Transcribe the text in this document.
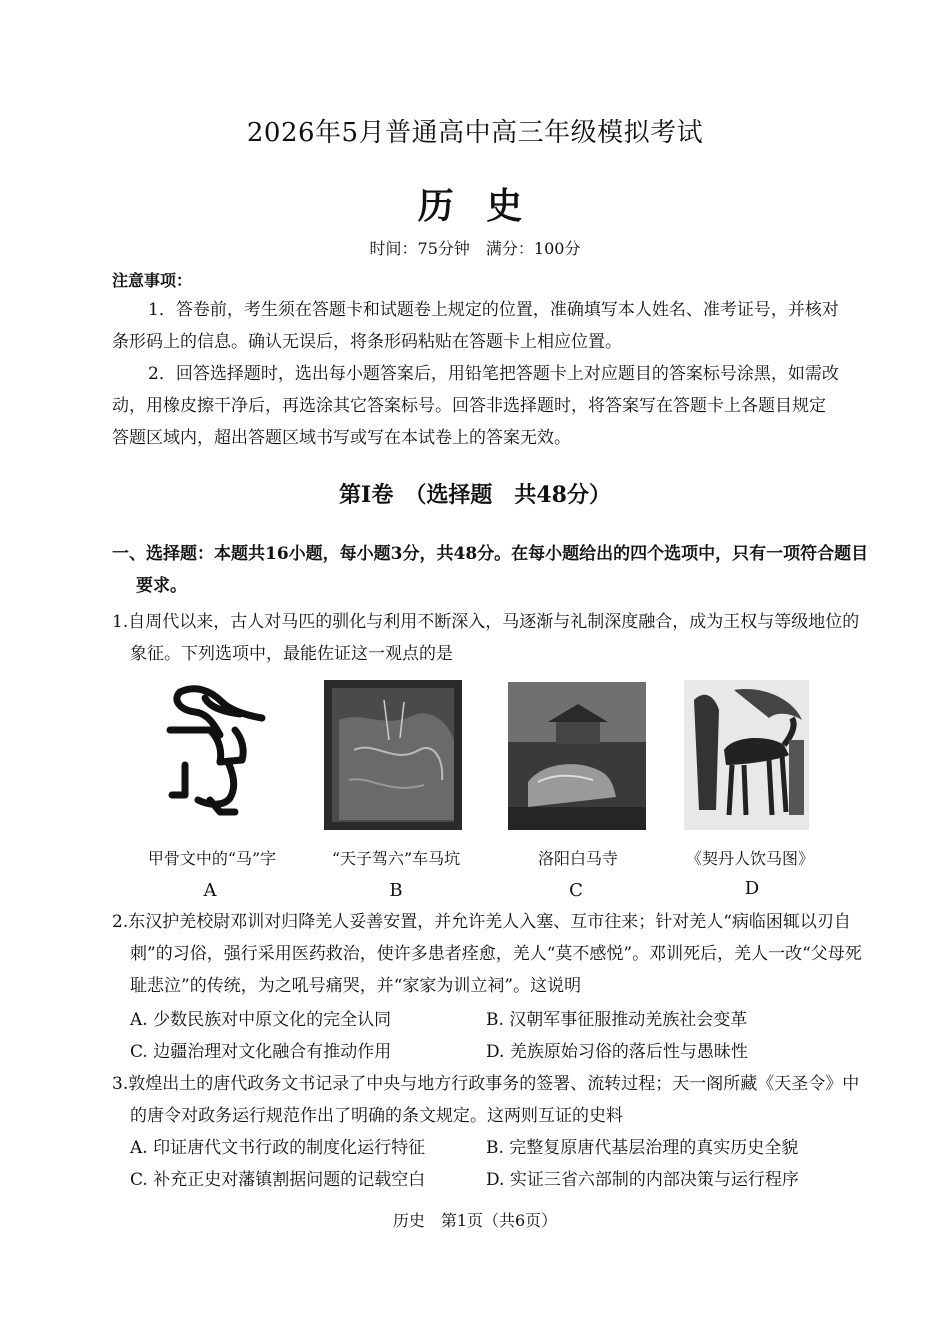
2026年5月普通高中高三年级模拟考试
历 史
时间：75分钟　满分：100分
注意事项：

1．答卷前，考生须在答题卡和试题卷上规定的位置，准确填写本人姓名、准考证号，并核对条形码上的信息。确认无误后，将条形码粘贴在答题卡上相应位置。

2．回答选择题时，选出每小题答案后，用铅笔把答题卡上对应题目的答案标号涂黑，如需改动，用橡皮擦干净后，再选涂其它答案标号。回答非选择题时，将答案写在答题卡上各题目规定答题区域内，超出答题区域书写或写在本试卷上的答案无效。

第Ⅰ卷　（选择题　共48分）

一、选择题：本题共16小题，每小题3分，共48分。在每小题给出的四个选项中，只有一项符合题目要求。

1.自周代以来，古人对马匹的驯化与利用不断深入，马逐渐与礼制深度融合，成为王权与等级地位的象征。下列选项中，最能佐证这一观点的是

甲骨文中的“马”字	“天子驾六”车马坑	洛阳白马寺	《契丹人饮马图》
A	B	C	D

2.东汉护羌校尉邓训对归降羌人妥善安置，并允许羌人入塞、互市往来；针对羌人“病临困辄以刃自刺”的习俗，强行采用医药救治，使许多患者痊愈，羌人“莫不感悦”。邓训死后，羌人一改“父母死耻悲泣”的传统，为之吼号痛哭，并“家家为训立祠”。这说明

A. 少数民族对中原文化的完全认同	B. 汉朝军事征服推动羌族社会变革
C. 边疆治理对文化融合有推动作用	D. 羌族原始习俗的落后性与愚昧性

3.敦煌出土的唐代政务文书记录了中央与地方行政事务的签署、流转过程；天一阁所藏《天圣令》中的唐令对政务运行规范作出了明确的条文规定。这两则互证的史料

A. 印证唐代文书行政的制度化运行特征	B. 完整复原唐代基层治理的真实历史全貌
C. 补充正史对藩镇割据问题的记载空白	D. 实证三省六部制的内部决策与运行程序
历史　第1页（共6页）
